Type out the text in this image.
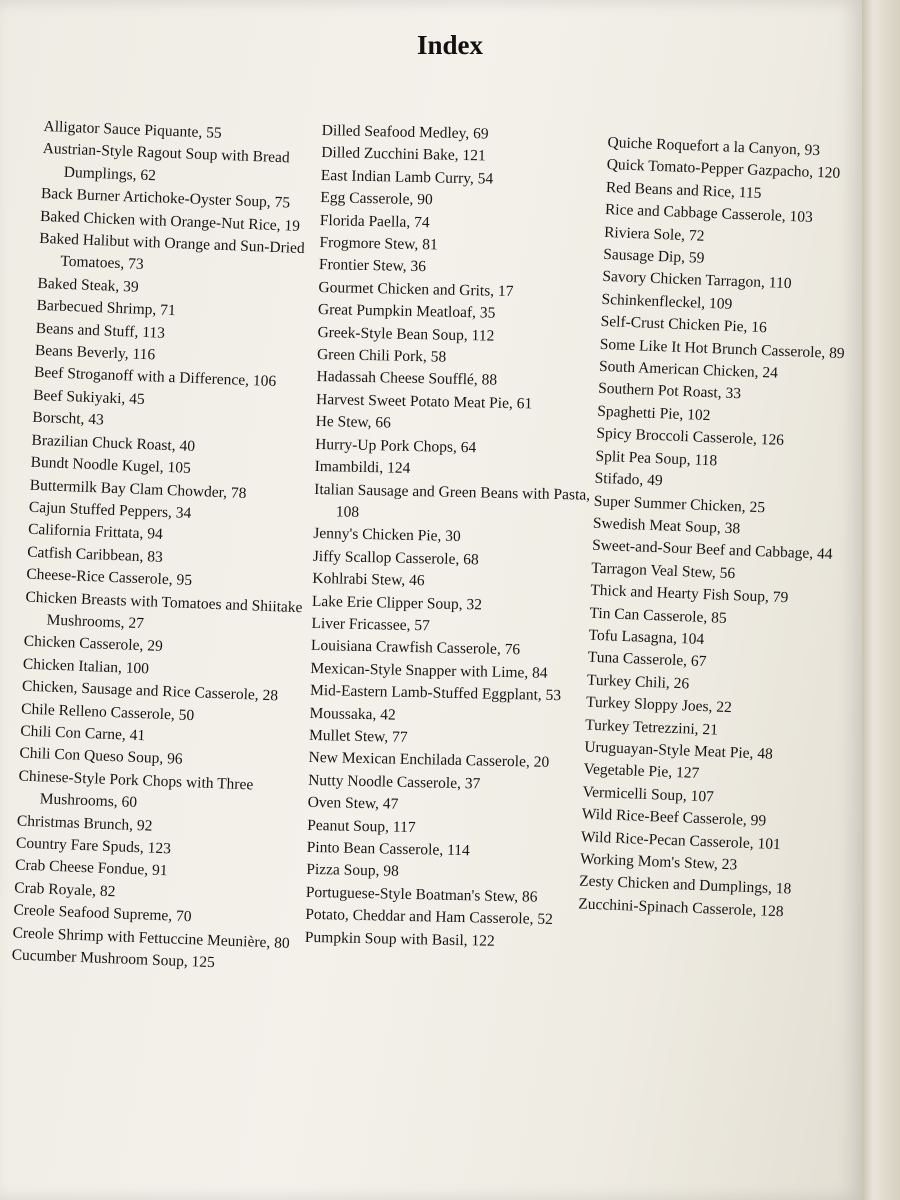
Index
Alligator Sauce Piquante, 55
Austrian-Style Ragout Soup with Bread Dumplings, 62
Back Burner Artichoke-Oyster Soup, 75
Baked Chicken with Orange-Nut Rice, 19
Baked Halibut with Orange and Sun-Dried Tomatoes, 73
Baked Steak, 39
Barbecued Shrimp, 71
Beans and Stuff, 113
Beans Beverly, 116
Beef Stroganoff with a Difference, 106
Beef Sukiyaki, 45
Borscht, 43
Brazilian Chuck Roast, 40
Bundt Noodle Kugel, 105
Buttermilk Bay Clam Chowder, 78
Cajun Stuffed Peppers, 34
California Frittata, 94
Catfish Caribbean, 83
Cheese-Rice Casserole, 95
Chicken Breasts with Tomatoes and Shiitake Mushrooms, 27
Chicken Casserole, 29
Chicken Italian, 100
Chicken, Sausage and Rice Casserole, 28
Chile Relleno Casserole, 50
Chili Con Carne, 41
Chili Con Queso Soup, 96
Chinese-Style Pork Chops with Three Mushrooms, 60
Christmas Brunch, 92
Country Fare Spuds, 123
Crab Cheese Fondue, 91
Crab Royale, 82
Creole Seafood Supreme, 70
Creole Shrimp with Fettuccine Meunière, 80
Cucumber Mushroom Soup, 125
Dilled Seafood Medley, 69
Dilled Zucchini Bake, 121
East Indian Lamb Curry, 54
Egg Casserole, 90
Florida Paella, 74
Frogmore Stew, 81
Frontier Stew, 36
Gourmet Chicken and Grits, 17
Great Pumpkin Meatloaf, 35
Greek-Style Bean Soup, 112
Green Chili Pork, 58
Hadassah Cheese Soufflé, 88
Harvest Sweet Potato Meat Pie, 61
He Stew, 66
Hurry-Up Pork Chops, 64
Imambildi, 124
Italian Sausage and Green Beans with Pasta, 108
Jenny's Chicken Pie, 30
Jiffy Scallop Casserole, 68
Kohlrabi Stew, 46
Lake Erie Clipper Soup, 32
Liver Fricassee, 57
Louisiana Crawfish Casserole, 76
Mexican-Style Snapper with Lime, 84
Mid-Eastern Lamb-Stuffed Eggplant, 53
Moussaka, 42
Mullet Stew, 77
New Mexican Enchilada Casserole, 20
Nutty Noodle Casserole, 37
Oven Stew, 47
Peanut Soup, 117
Pinto Bean Casserole, 114
Pizza Soup, 98
Portuguese-Style Boatman's Stew, 86
Potato, Cheddar and Ham Casserole, 52
Pumpkin Soup with Basil, 122
Quiche Roquefort a la Canyon, 93
Quick Tomato-Pepper Gazpacho, 120
Red Beans and Rice, 115
Rice and Cabbage Casserole, 103
Riviera Sole, 72
Sausage Dip, 59
Savory Chicken Tarragon, 110
Schinkenfleckel, 109
Self-Crust Chicken Pie, 16
Some Like It Hot Brunch Casserole, 89
South American Chicken, 24
Southern Pot Roast, 33
Spaghetti Pie, 102
Spicy Broccoli Casserole, 126
Split Pea Soup, 118
Stifado, 49
Super Summer Chicken, 25
Swedish Meat Soup, 38
Sweet-and-Sour Beef and Cabbage, 44
Tarragon Veal Stew, 56
Thick and Hearty Fish Soup, 79
Tin Can Casserole, 85
Tofu Lasagna, 104
Tuna Casserole, 67
Turkey Chili, 26
Turkey Sloppy Joes, 22
Turkey Tetrezzini, 21
Uruguayan-Style Meat Pie, 48
Vegetable Pie, 127
Vermicelli Soup, 107
Wild Rice-Beef Casserole, 99
Wild Rice-Pecan Casserole, 101
Working Mom's Stew, 23
Zesty Chicken and Dumplings, 18
Zucchini-Spinach Casserole, 128
